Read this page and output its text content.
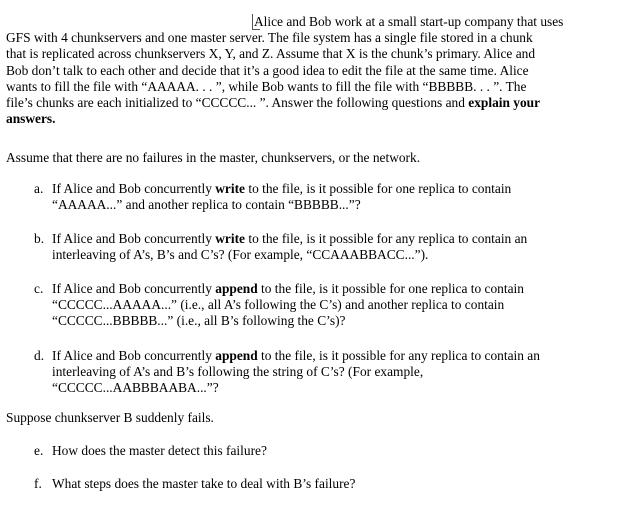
Alice and Bob work at a small start-up company that uses
GFS with 4 chunkservers and one master server. The file system has a single file stored in a chunk
that is replicated across chunkservers X, Y, and Z. Assume that X is the chunk’s primary. Alice and
Bob don’t talk to each other and decide that it’s a good idea to edit the file at the same time. Alice
wants to fill the file with “AAAAA. . . ”, while Bob wants to fill the file with “BBBBB. . . ”. The
file’s chunks are each initialized to “CCCCC... ”. Answer the following questions and explain your
answers.
Assume that there are no failures in the master, chunkservers, or the network.
a. If Alice and Bob concurrently write to the file, is it possible for one replica to contain
“AAAAA...” and another replica to contain “BBBBB...”?
b. If Alice and Bob concurrently write to the file, is it possible for any replica to contain an
interleaving of A’s, B’s and C’s? (For example, “CCAAABBACC...”).
c. If Alice and Bob concurrently append to the file, is it possible for one replica to contain
“CCCCC...AAAAA...” (i.e., all A’s following the C’s) and another replica to contain
“CCCCC...BBBBB...” (i.e., all B’s following the C’s)?
d. If Alice and Bob concurrently append to the file, is it possible for any replica to contain an
interleaving of A’s and B’s following the string of C’s? (For example,
“CCCCC...AABBBAABA...”?
Suppose chunkserver B suddenly fails.
e. How does the master detect this failure?
f. What steps does the master take to deal with B’s failure?
